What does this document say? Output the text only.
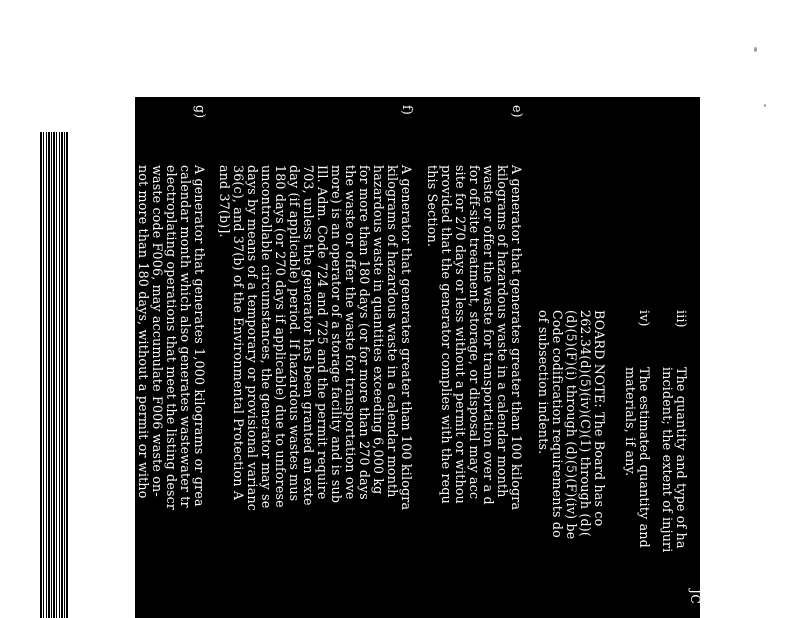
JC
iii)
The quantity and type of ha
incident; the extent of injuri
iv)
The estimated quantity and
materials, if any.
BOARD NOTE: The Board has co
262.34(d)(5)(iv)(C)(1) through (d)(
(d)(5)(F)(i) through (d)(5)(F)(iv) be
Code codification requirements do
of subsection indents.
e)
A generator that generates greater than 100 kilogra
kilograms of hazardous waste in a calendar month
waste or offer the waste for transportation over a d
for off-site treatment, storage, or disposal may acc
site for 270 days or less without a permit or withou
provided that the generator complies with the requ
this Section.
f)
A generator that generates greater than 100 kilogra
kilograms of hazardous waste in a calendar month
hazardous waste in quantities exceeding 6,000 kg
for more than 180 days (or for more than 270 days
the waste or offer the waste for transportation ove
more) is an operator of a storage facility and is sub
Ill. Adm. Code 724 and 725 and the permit require
703, unless the generator has been granted an exte
day (if applicable) period. If hazardous wastes mus
180 days (or 270 days if applicable) due to unforese
uncontrollable circumstances, the generator may se
days by means of a temporary or provisional varianc
36(c), and 37(b) of the Environmental Protection A
and 37(b)].
g)
A generator that generates 1,000 kilograms or grea
calendar month which also generates wastewater tr
electroplating operations that meet the listing descr
waste code F006, may accumulate F006 waste on-
not more than 180 days, without a permit or witho
provided that the generator fulfills the following co
1)
The generator has implemented pollution pr
